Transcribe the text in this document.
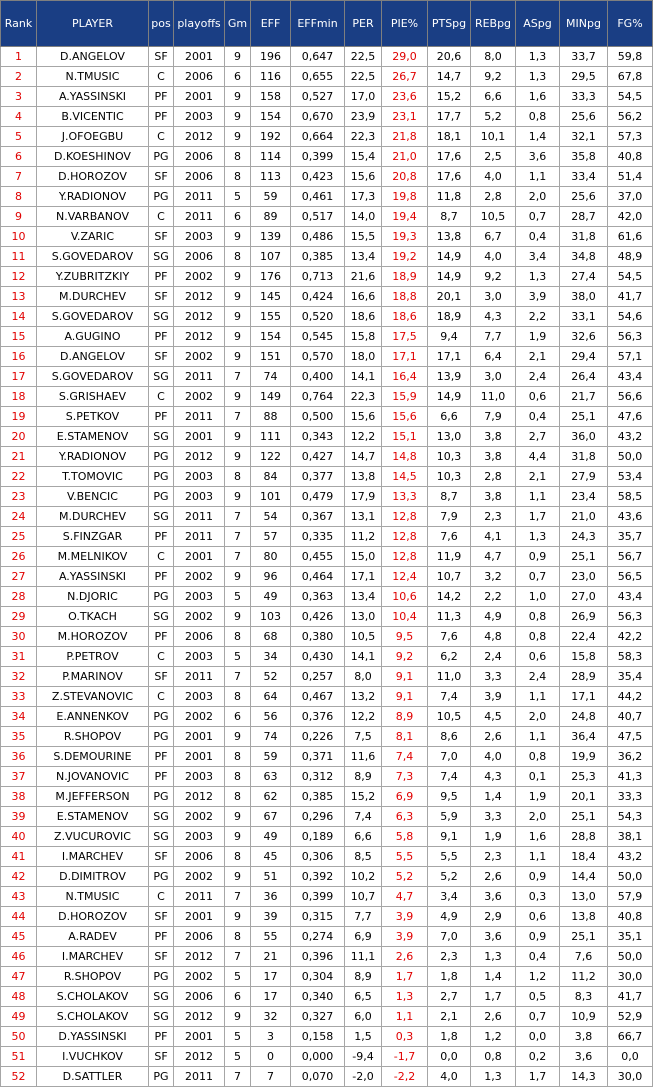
Rank	PLAYER	pos	playoffs	Gm	EFF	EFFmin	PER	PIE%	PTSpg	REBpg	ASpg	MINpg	FG%
1	D.ANGELOV	SF	2001	9	196	0,647	22,5	29,0	20,6	8,0	1,3	33,7	59,8
2	N.TMUSIC	C	2006	6	116	0,655	22,5	26,7	14,7	9,2	1,3	29,5	67,8
3	A.YASSINSKI	PF	2001	9	158	0,527	17,0	23,6	15,2	6,6	1,6	33,3	54,5
4	B.VICENTIC	PF	2003	9	154	0,670	23,9	23,1	17,7	5,2	0,8	25,6	56,2
5	J.OFOEGBU	C	2012	9	192	0,664	22,3	21,8	18,1	10,1	1,4	32,1	57,3
6	D.KOESHINOV	PG	2006	8	114	0,399	15,4	21,0	17,6	2,5	3,6	35,8	40,8
7	D.HOROZOV	SF	2006	8	113	0,423	15,6	20,8	17,6	4,0	1,1	33,4	51,4
8	Y.RADIONOV	PG	2011	5	59	0,461	17,3	19,8	11,8	2,8	2,0	25,6	37,0
9	N.VARBANOV	C	2011	6	89	0,517	14,0	19,4	8,7	10,5	0,7	28,7	42,0
10	V.ZARIC	SF	2003	9	139	0,486	15,5	19,3	13,8	6,7	0,4	31,8	61,6
11	S.GOVEDAROV	SG	2006	8	107	0,385	13,4	19,2	14,9	4,0	3,4	34,8	48,9
12	Y.ZUBRITZKIY	PF	2002	9	176	0,713	21,6	18,9	14,9	9,2	1,3	27,4	54,5
13	M.DURCHEV	SF	2012	9	145	0,424	16,6	18,8	20,1	3,0	3,9	38,0	41,7
14	S.GOVEDAROV	SG	2012	9	155	0,520	18,6	18,6	18,9	4,3	2,2	33,1	54,6
15	A.GUGINO	PF	2012	9	154	0,545	15,8	17,5	9,4	7,7	1,9	32,6	56,3
16	D.ANGELOV	SF	2002	9	151	0,570	18,0	17,1	17,1	6,4	2,1	29,4	57,1
17	S.GOVEDAROV	SG	2011	7	74	0,400	14,1	16,4	13,9	3,0	2,4	26,4	43,4
18	S.GRISHAEV	C	2002	9	149	0,764	22,3	15,9	14,9	11,0	0,6	21,7	56,6
19	S.PETKOV	PF	2011	7	88	0,500	15,6	15,6	6,6	7,9	0,4	25,1	47,6
20	E.STAMENOV	SG	2001	9	111	0,343	12,2	15,1	13,0	3,8	2,7	36,0	43,2
21	Y.RADIONOV	PG	2012	9	122	0,427	14,7	14,8	10,3	3,8	4,4	31,8	50,0
22	T.TOMOVIC	PG	2003	8	84	0,377	13,8	14,5	10,3	2,8	2,1	27,9	53,4
23	V.BENCIC	PG	2003	9	101	0,479	17,9	13,3	8,7	3,8	1,1	23,4	58,5
24	M.DURCHEV	SG	2011	7	54	0,367	13,1	12,8	7,9	2,3	1,7	21,0	43,6
25	S.FINZGAR	PF	2011	7	57	0,335	11,2	12,8	7,6	4,1	1,3	24,3	35,7
26	M.MELNIKOV	C	2001	7	80	0,455	15,0	12,8	11,9	4,7	0,9	25,1	56,7
27	A.YASSINSKI	PF	2002	9	96	0,464	17,1	12,4	10,7	3,2	0,7	23,0	56,5
28	N.DJORIC	PG	2003	5	49	0,363	13,4	10,6	14,2	2,2	1,0	27,0	43,4
29	O.TKACH	SG	2002	9	103	0,426	13,0	10,4	11,3	4,9	0,8	26,9	56,3
30	M.HOROZOV	PF	2006	8	68	0,380	10,5	9,5	7,6	4,8	0,8	22,4	42,2
31	P.PETROV	C	2003	5	34	0,430	14,1	9,2	6,2	2,4	0,6	15,8	58,3
32	P.MARINOV	SF	2011	7	52	0,257	8,0	9,1	11,0	3,3	2,4	28,9	35,4
33	Z.STEVANOVIC	C	2003	8	64	0,467	13,2	9,1	7,4	3,9	1,1	17,1	44,2
34	E.ANNENKOV	PG	2002	6	56	0,376	12,2	8,9	10,5	4,5	2,0	24,8	40,7
35	R.SHOPOV	PG	2001	9	74	0,226	7,5	8,1	8,6	2,6	1,1	36,4	47,5
36	S.DEMOURINE	PF	2001	8	59	0,371	11,6	7,4	7,0	4,0	0,8	19,9	36,2
37	N.JOVANOVIC	PF	2003	8	63	0,312	8,9	7,3	7,4	4,3	0,1	25,3	41,3
38	M.JEFFERSON	PG	2012	8	62	0,385	15,2	6,9	9,5	1,4	1,9	20,1	33,3
39	E.STAMENOV	SG	2002	9	67	0,296	7,4	6,3	5,9	3,3	2,0	25,1	54,3
40	Z.VUCUROVIC	SG	2003	9	49	0,189	6,6	5,8	9,1	1,9	1,6	28,8	38,1
41	I.MARCHEV	SF	2006	8	45	0,306	8,5	5,5	5,5	2,3	1,1	18,4	43,2
42	D.DIMITROV	PG	2002	9	51	0,392	10,2	5,2	5,2	2,6	0,9	14,4	50,0
43	N.TMUSIC	C	2011	7	36	0,399	10,7	4,7	3,4	3,6	0,3	13,0	57,9
44	D.HOROZOV	SF	2001	9	39	0,315	7,7	3,9	4,9	2,9	0,6	13,8	40,8
45	A.RADEV	PF	2006	8	55	0,274	6,9	3,9	7,0	3,6	0,9	25,1	35,1
46	I.MARCHEV	SF	2012	7	21	0,396	11,1	2,6	2,3	1,3	0,4	7,6	50,0
47	R.SHOPOV	PG	2002	5	17	0,304	8,9	1,7	1,8	1,4	1,2	11,2	30,0
48	S.CHOLAKOV	SG	2006	6	17	0,340	6,5	1,3	2,7	1,7	0,5	8,3	41,7
49	S.CHOLAKOV	SG	2012	9	32	0,327	6,0	1,1	2,1	2,6	0,7	10,9	52,9
50	D.YASSINSKI	PF	2001	5	3	0,158	1,5	0,3	1,8	1,2	0,0	3,8	66,7
51	I.VUCHKOV	SF	2012	5	0	0,000	-9,4	-1,7	0,0	0,8	0,2	3,6	0,0
52	D.SATTLER	PG	2011	7	7	0,070	-2,0	-2,2	4,0	1,3	1,7	14,3	30,0
